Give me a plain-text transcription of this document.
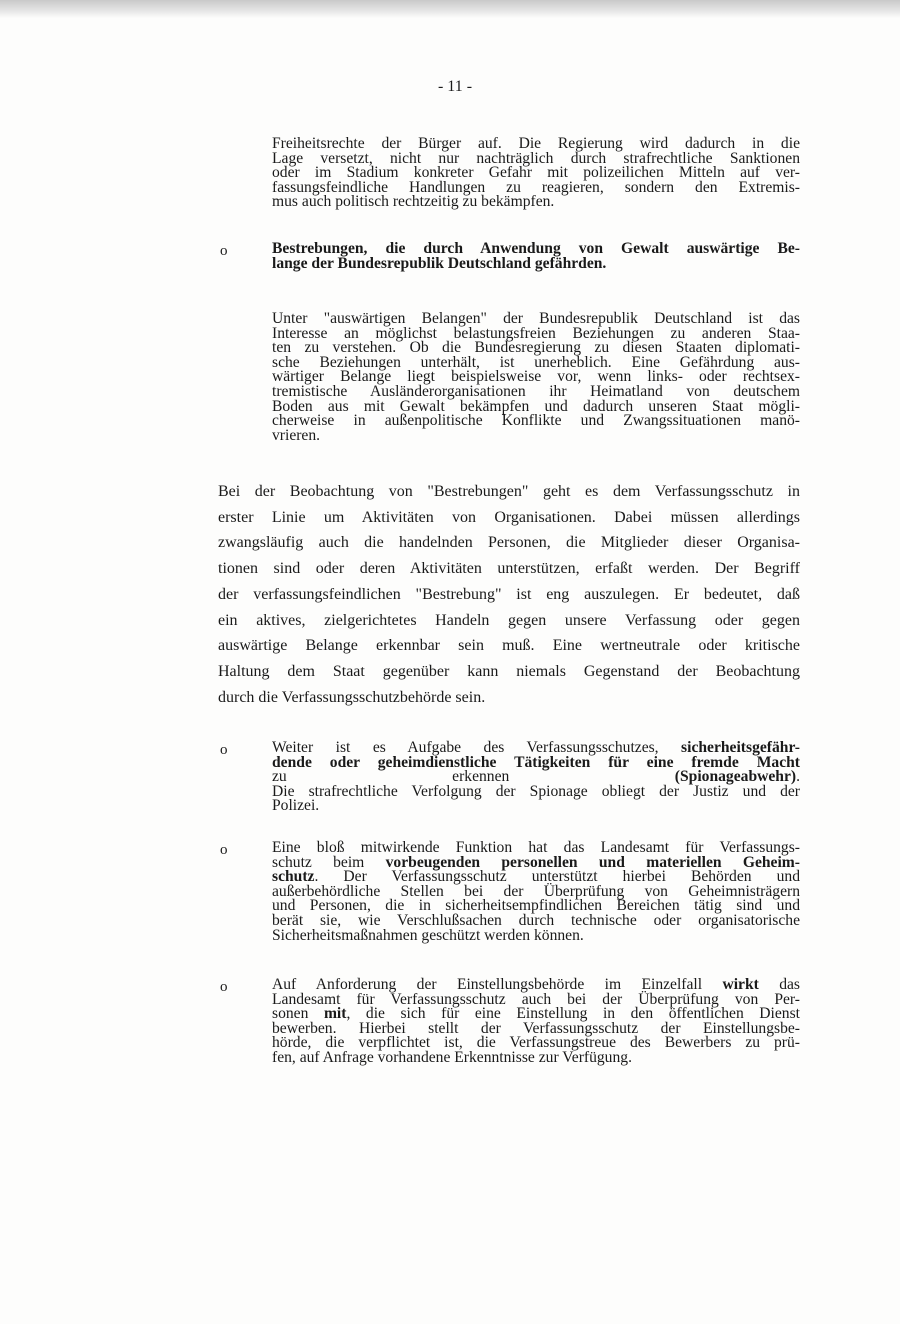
- 11 -
Freiheitsrechte der Bürger auf. Die Regierung wird dadurch in die
Lage versetzt, nicht nur nachträglich durch strafrechtliche Sanktionen
oder im Stadium konkreter Gefahr mit polizeilichen Mitteln auf ver-
fassungsfeindliche Handlungen zu reagieren, sondern den Extremis-
mus auch politisch rechtzeitig zu bekämpfen.
Bestrebungen, die durch Anwendung von Gewalt auswärtige Be-
lange der Bundesrepublik Deutschland gefährden.
o
Unter "auswärtigen Belangen" der Bundesrepublik Deutschland ist das
Interesse an möglichst belastungsfreien Beziehungen zu anderen Staa-
ten zu verstehen. Ob die Bundesregierung zu diesen Staaten diplomati-
sche Beziehungen unterhält, ist unerheblich. Eine Gefährdung aus-
wärtiger Belange liegt beispielsweise vor, wenn links- oder rechtsex-
tremistische Ausländerorganisationen ihr Heimatland von deutschem
Boden aus mit Gewalt bekämpfen und dadurch unseren Staat mögli-
cherweise in außenpolitische Konflikte und Zwangssituationen manö-
vrieren.
Bei der Beobachtung von "Bestrebungen" geht es dem Verfassungsschutz in
erster Linie um Aktivitäten von Organisationen. Dabei müssen allerdings
zwangsläufig auch die handelnden Personen, die Mitglieder dieser Organisa-
tionen sind oder deren Aktivitäten unterstützen, erfaßt werden. Der Begriff
der verfassungsfeindlichen "Bestrebung" ist eng auszulegen. Er bedeutet, daß
ein aktives, zielgerichtetes Handeln gegen unsere Verfassung oder gegen
auswärtige Belange erkennbar sein muß. Eine wertneutrale oder kritische
Haltung dem Staat gegenüber kann niemals Gegenstand der Beobachtung
durch die Verfassungsschutzbehörde sein.
Weiter ist es Aufgabe des Verfassungsschutzes, sicherheitsgefähr-
dende oder geheimdienstliche Tätigkeiten für eine fremde Macht
zu erkennen (Spionageabwehr).
Die strafrechtliche Verfolgung der Spionage obliegt der Justiz und der
Polizei.
o
Eine bloß mitwirkende Funktion hat das Landesamt für Verfassungs-
schutz beim vorbeugenden personellen und materiellen Geheim-
schutz. Der Verfassungsschutz unterstützt hierbei Behörden und
außerbehördliche Stellen bei der Überprüfung von Geheimnisträgern
und Personen, die in sicherheitsempfindlichen Bereichen tätig sind und
berät sie, wie Verschlußsachen durch technische oder organisatorische
Sicherheitsmaßnahmen geschützt werden können.
o
Auf Anforderung der Einstellungsbehörde im Einzelfall wirkt das
Landesamt für Verfassungsschutz auch bei der Überprüfung von Per-
sonen mit, die sich für eine Einstellung in den öffentlichen Dienst
bewerben. Hierbei stellt der Verfassungsschutz der Einstellungsbe-
hörde, die verpflichtet ist, die Verfassungstreue des Bewerbers zu prü-
fen, auf Anfrage vorhandene Erkenntnisse zur Verfügung.
o
